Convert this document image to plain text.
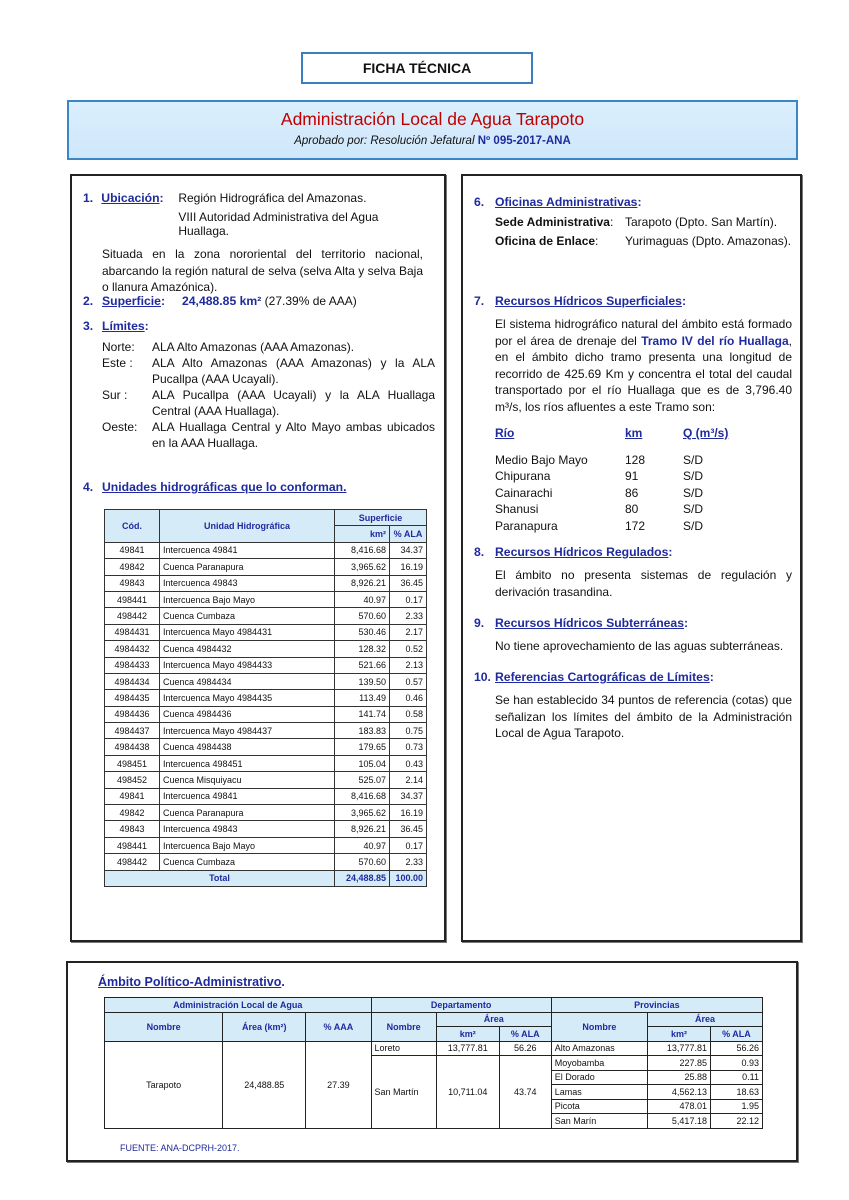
FICHA TÉCNICA
Administración Local de Agua Tarapoto
Aprobado por: Resolución Jefatural Nº 095-2017-ANA
1. Ubicación:	Región Hidrográfica del Amazonas.
VIII Autoridad Administrativa del Agua Huallaga.
Situada en la zona nororiental del territorio nacional, abarcando la región natural de selva (selva Alta y selva Baja o llanura Amazónica).
2. Superficie:	24,488.85 km²
(27.39% de AAA)
3. Límites:
Norte:	ALA Alto Amazonas (AAA Amazonas).
Este :	ALA Alto Amazonas (AAA Amazonas) y la ALA Pucallpa (AAA Ucayali).
Sur :	ALA Pucallpa (AAA Ucayali) y la ALA Huallaga Central (AAA Huallaga).
Oeste:	ALA Huallaga Central y Alto Mayo ambas ubicados en la AAA Huallaga.
4. Unidades hidrográficas que lo conforman.
Cód.	Unidad Hidrográfica	Superficie	
		km²	% ALA
49841	Intercuenca 49841	8,416.68	34.37
49842	Cuenca Paranapura	3,965.62	16.19
49843	Intercuenca 49843	8,926.21	36.45
498441	Intercuenca Bajo Mayo	40.97	0.17
498442	Cuenca Cumbaza	570.60	2.33
4984431	Intercuenca Mayo 4984431	530.46	2.17
4984432	Cuenca 4984432	128.32	0.52
4984433	Intercuenca Mayo 4984433	521.66	2.13
4984434	Cuenca 4984434	139.50	0.57
4984435	Intercuenca Mayo 4984435	113.49	0.46
4984436	Cuenca 4984436	141.74	0.58
4984437	Intercuenca Mayo 4984437	183.83	0.75
4984438	Cuenca 4984438	179.65	0.73
498451	Intercuenca 498451	105.04	0.43
498452	Cuenca Misquiyacu	525.07	2.14
49841	Intercuenca 49841	8,416.68	34.37
49842	Cuenca Paranapura	3,965.62	16.19
49843	Intercuenca 49843	8,926.21	36.45
498441	Intercuenca Bajo Mayo	40.97	0.17
498442	Cuenca Cumbaza	570.60	2.33
Total		24,488.85	100.00
6. Oficinas Administrativas:
Sede Administrativa: Tarapoto (Dpto. San Martín).
Oficina de Enlace:	Yurimaguas (Dpto. Amazonas).
7. Recursos Hídricos Superficiales:
El sistema hidrográfico natural del ámbito está formado por el área de drenaje del Tramo IV del río Huallaga, en el ámbito dicho tramo presenta una longitud de recorrido de 425.69 Km y concentra el total del caudal transportado por el río Huallaga que es de 3,796.40 m³/s, los ríos afluentes a este Tramo son:
Río	km	Q (m³/s)
Medio Bajo Mayo	128	S/D
Chipurana	91	S/D
Cainarachi	86	S/D
Shanusi	80	S/D
Paranapura	172	S/D
8. Recursos Hídricos Regulados:
El ámbito no presenta sistemas de regulación y derivación trasandina.
9. Recursos Hídricos Subterráneas:
No tiene aprovechamiento de las aguas subterráneas.
10. Referencias Cartográficas de Límites:
Se han establecido 34 puntos de referencia (cotas) que señalizan los límites del ámbito de la Administración Local de Agua Tarapoto.
Ámbito Político-Administrativo.
Administración Local de Agua			Departamento			Provincias		
Nombre	Área (km²)	% AAA	Nombre	Área		Nombre	Área	
				km²	% ALA		km²	% ALA
Tarapoto	24,488.85	27.39	Loreto	13,777.81	56.26	Alto Amazonas	13,777.81	56.26
			San Martín	10,711.04	43.74	Moyobamba	227.85	0.93
						El Dorado	25.88	0.11
						Lamas	4,562.13	18.63
						Picota	478.01	1.95
						San Marín	5,417.18	22.12
FUENTE: ANA-DCPRH-2017.
